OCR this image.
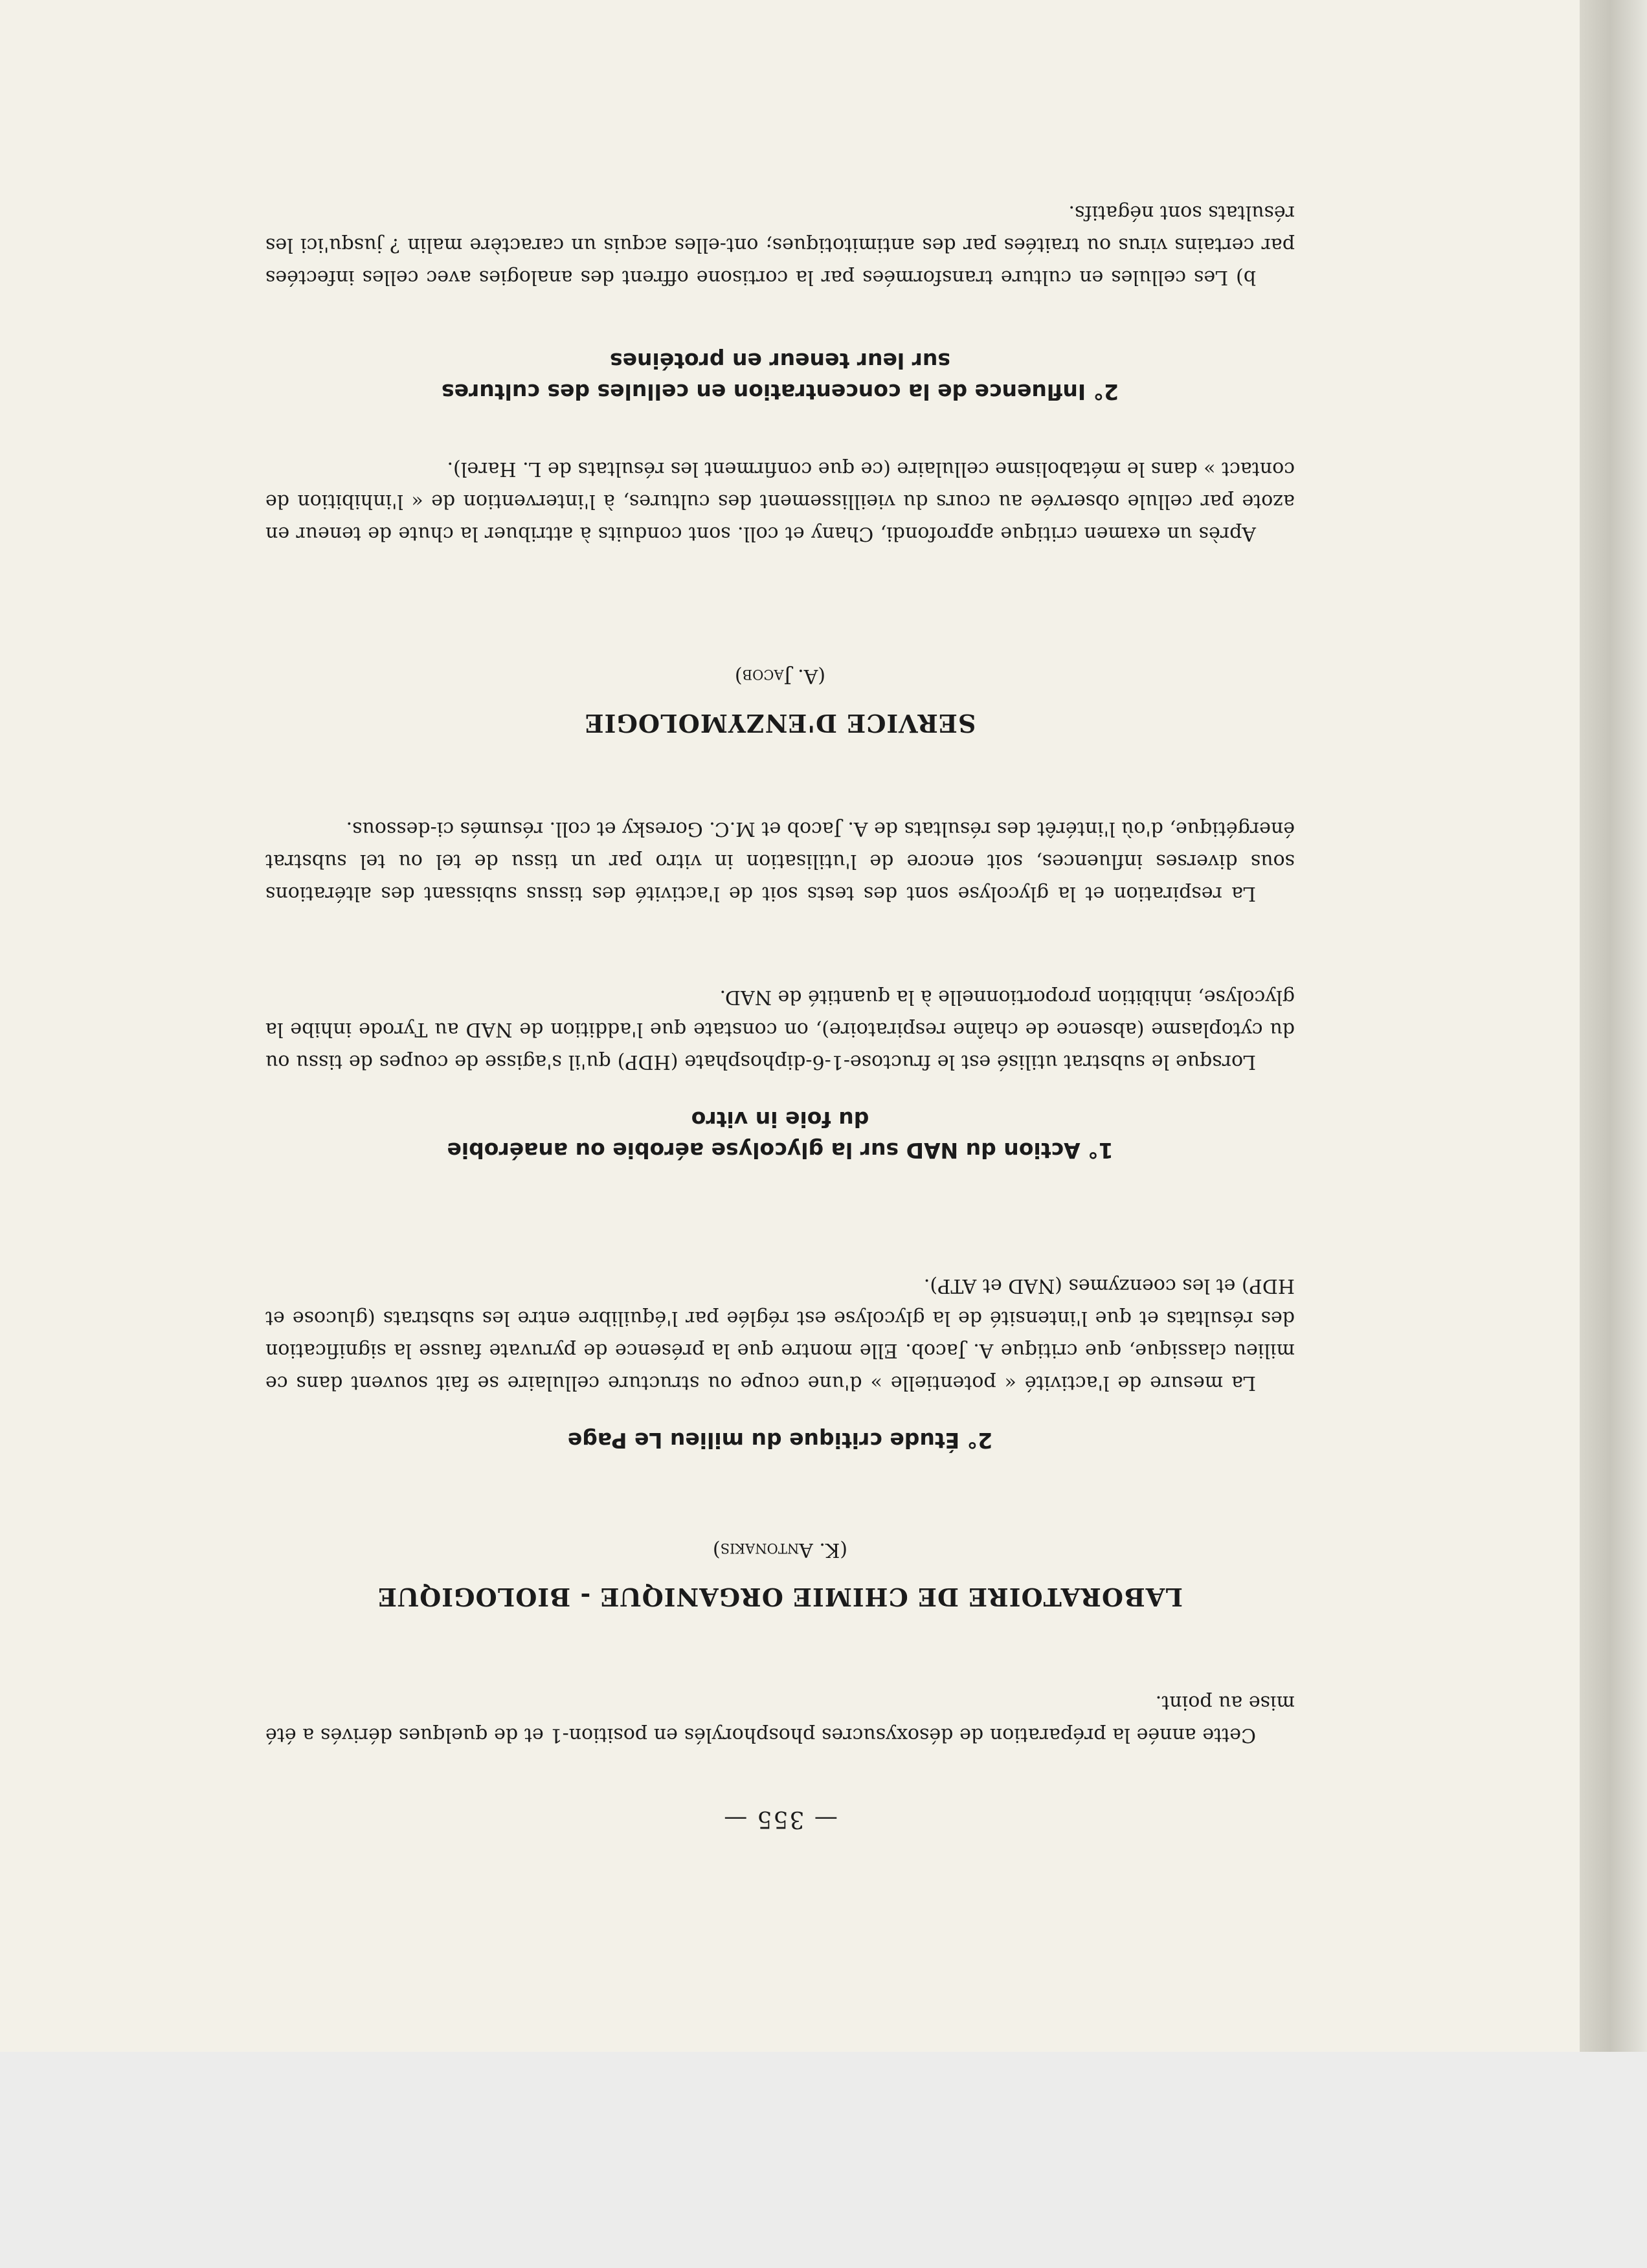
— 355 —

Cette année la préparation de désoxysucres phosphorylés en position-1 et de quelques dérivés a été mise au point.

LABORATOIRE DE CHIMIE ORGANIQUE - BIOLOGIQUE
(K. Antonakis)
2° Étude critique du milieu Le Page

La mesure de l'activité « potentielle » d'une coupe ou structure cellulaire se fait souvent dans ce milieu classique, que critique A. Jacob. Elle montre que la présence de pyruvate fausse la signification des résultats et que l'intensité de la glycolyse est réglée par l'équilibre entre les substrats (glucose et HDP) et les coenzymes (NAD et ATP).

1° Action du NAD sur la glycolyse aérobie ou anaérobie
du foie in vitro

Lorsque le substrat utilisé est le fructose-1-6-diphosphate (HDP) qu'il s'agisse de coupes de tissu ou du cytoplasme (absence de chaîne respiratoire), on constate que l'addition de NAD au Tyrode inhibe la glycolyse, inhibition proportionnelle à la quantité de NAD.

La respiration et la glycolyse sont des tests soit de l'activité des tissus subissant des altérations sous diverses influences, soit encore de l'utilisation in vitro par un tissu de tel ou tel substrat énergétique, d'où l'intérêt des résultats de A. Jacob et M.C. Goresky et coll. résumés ci-dessous.

SERVICE D'ENZYMOLOGIE
(A. Jacob)

Après un examen critique approfondi, Chany et coll. sont conduits à attribuer la chute de teneur en azote par cellule observée au cours du vieillissement des cultures, à l'intervention de « l'inhibition de contact » dans le métabolisme cellulaire (ce que confirment les résultats de L. Harel).

2° Influence de la concentration en cellules des cultures
sur leur teneur en protéines

b) Les cellules en culture transformées par la cortisone offrent des analogies avec celles infectées par certains virus ou traitées par des antimitotiques; ont-elles acquis un caractère malin ? jusqu'ici les résultats sont négatifs.
